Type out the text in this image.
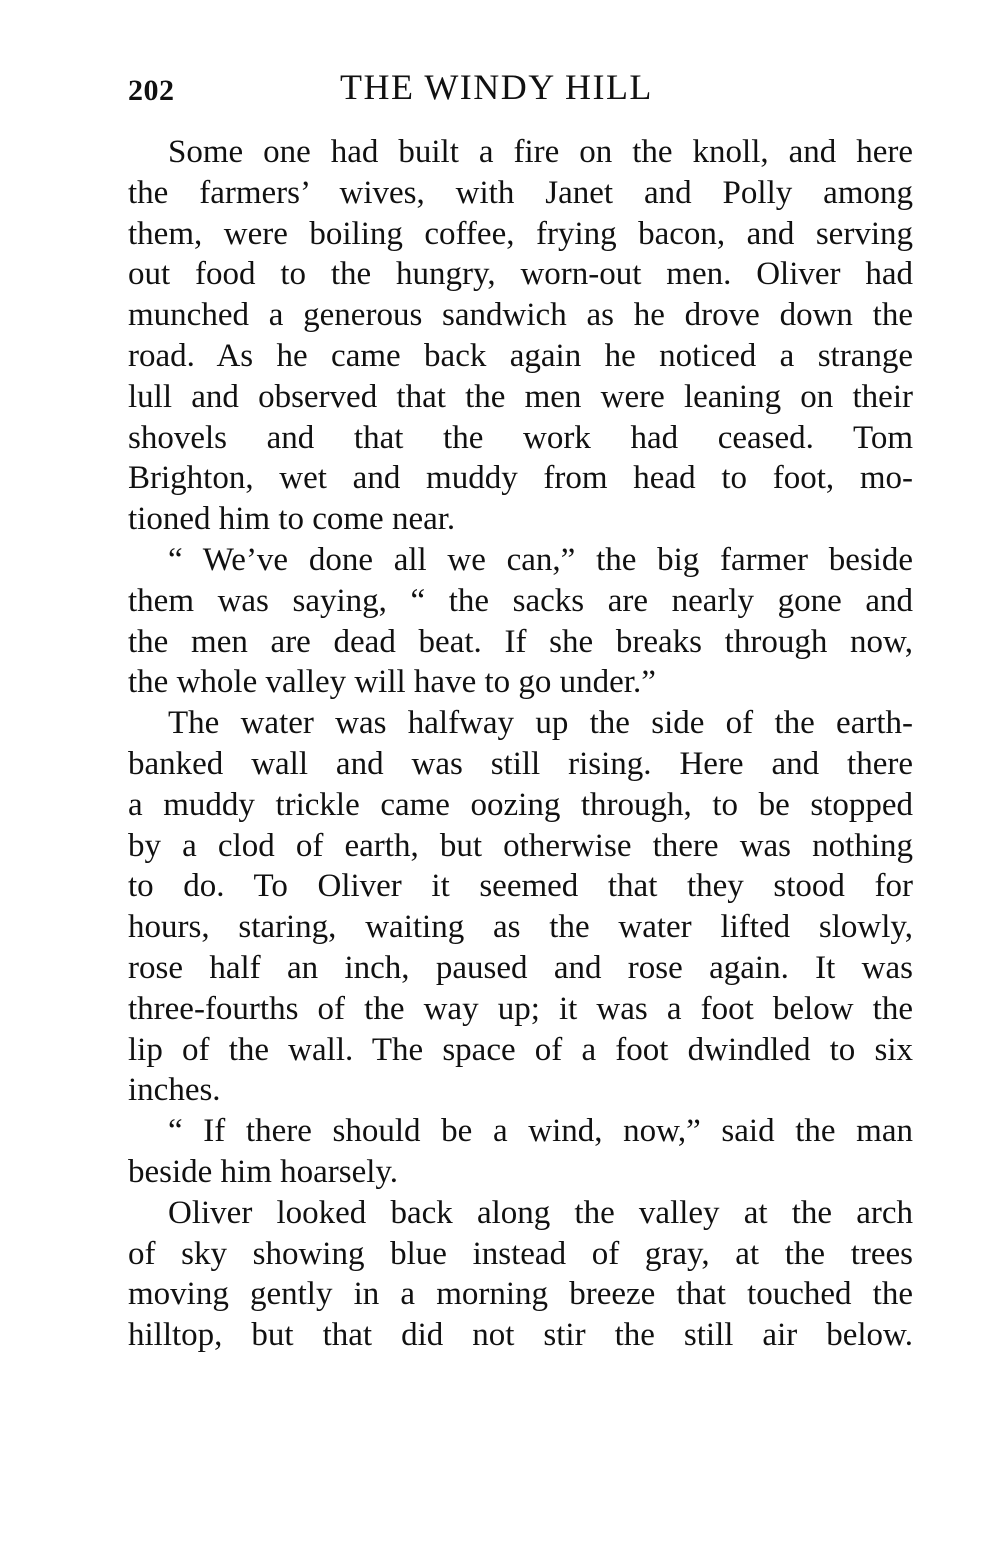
202	THE WINDY HILL
Some one had built a fire on the knoll, and here
the farmers’ wives, with Janet and Polly among
them, were boiling coffee, frying bacon, and serving
out food to the hungry, worn-out men. Oliver had
munched a generous sandwich as he drove down the
road. As he came back again he noticed a strange
lull and observed that the men were leaning on their
shovels and that the work had ceased. Tom
Brighton, wet and muddy from head to foot, mo-
tioned him to come near.
“ We’ve done all we can,” the big farmer beside
them was saying, “ the sacks are nearly gone and
the men are dead beat. If she breaks through now,
the whole valley will have to go under.”
The water was halfway up the side of the earth-
banked wall and was still rising. Here and there
a muddy trickle came oozing through, to be stopped
by a clod of earth, but otherwise there was nothing
to do. To Oliver it seemed that they stood for
hours, staring, waiting as the water lifted slowly,
rose half an inch, paused and rose again. It was
three-fourths of the way up; it was a foot below the
lip of the wall. The space of a foot dwindled to six
inches.
“ If there should be a wind, now,” said the man
beside him hoarsely.
Oliver looked back along the valley at the arch
of sky showing blue instead of gray, at the trees
moving gently in a morning breeze that touched the
hilltop, but that did not stir the still air below.
